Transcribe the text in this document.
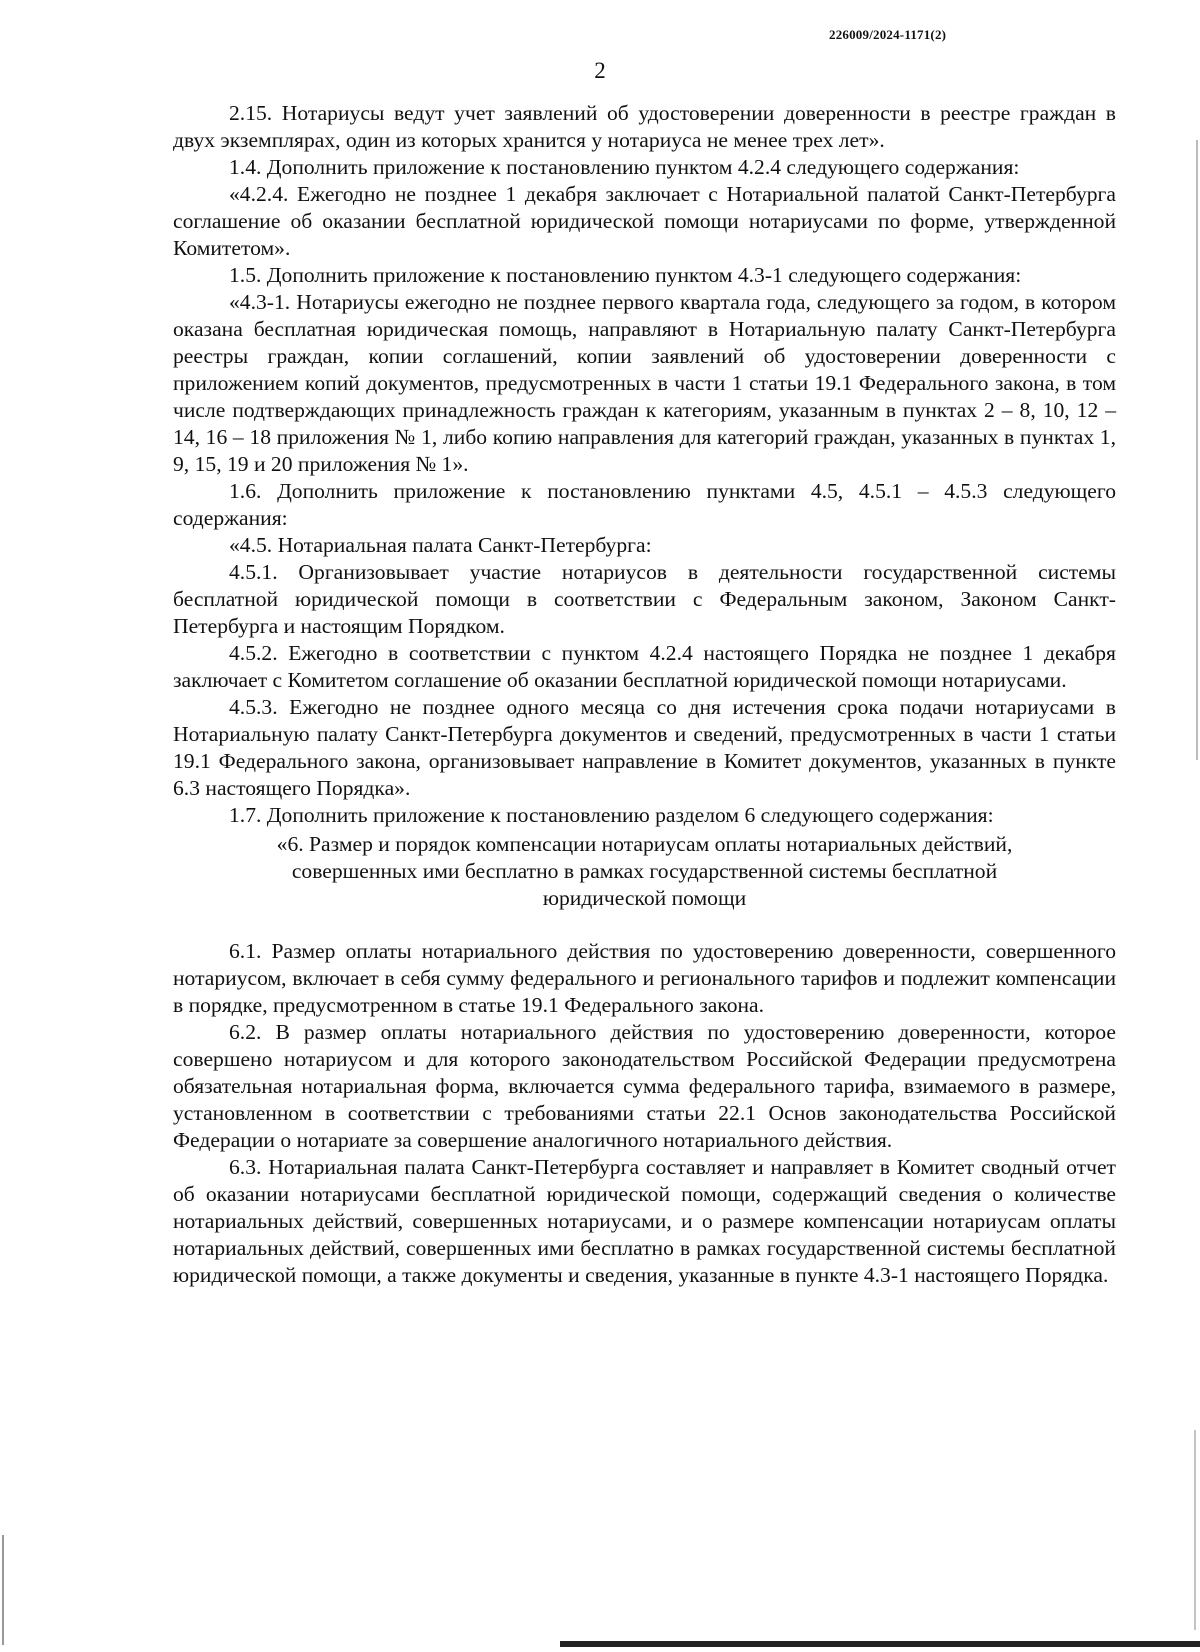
226009/2024-1171(2)
2

2.15. Нотариусы ведут учет заявлений об удостоверении доверенности в реестре граждан в двух экземплярах, один из которых хранится у нотариуса не менее трех лет».

1.4. Дополнить приложение к постановлению пунктом 4.2.4 следующего содержания:

«4.2.4. Ежегодно не позднее 1 декабря заключает с Нотариальной палатой Санкт-Петербурга соглашение об оказании бесплатной юридической помощи нотариусами по форме, утвержденной Комитетом».

1.5. Дополнить приложение к постановлению пунктом 4.3-1 следующего содержания:

«4.3-1. Нотариусы ежегодно не позднее первого квартала года, следующего за годом, в котором оказана бесплатная юридическая помощь, направляют в Нотариальную палату Санкт-Петербурга реестры граждан, копии соглашений, копии заявлений об удостоверении доверенности с приложением копий документов, предусмотренных в части 1 статьи 19.1 Федерального закона, в том числе подтверждающих принадлежность граждан к категориям, указанным в пунктах 2 – 8, 10, 12 – 14, 16 – 18 приложения № 1, либо копию направления для категорий граждан, указанных в пунктах 1, 9, 15, 19 и 20 приложения № 1».

1.6. Дополнить приложение к постановлению пунктами 4.5, 4.5.1 – 4.5.3 следующего содержания:

«4.5. Нотариальная палата Санкт-Петербурга:

4.5.1. Организовывает участие нотариусов в деятельности государственной системы бесплатной юридической помощи в соответствии с Федеральным законом, Законом Санкт-Петербурга и настоящим Порядком.

4.5.2. Ежегодно в соответствии с пунктом 4.2.4 настоящего Порядка не позднее 1 декабря заключает с Комитетом соглашение об оказании бесплатной юридической помощи нотариусами.

4.5.3. Ежегодно не позднее одного месяца со дня истечения срока подачи нотариусами в Нотариальную палату Санкт-Петербурга документов и сведений, предусмотренных в части 1 статьи 19.1 Федерального закона, организовывает направление в Комитет документов, указанных в пункте 6.3 настоящего Порядка».

1.7. Дополнить приложение к постановлению разделом 6 следующего содержания:

«6. Размер и порядок компенсации нотариусам оплаты нотариальных действий,
совершенных ими бесплатно в рамках государственной системы бесплатной
юридической помощи

6.1. Размер оплаты нотариального действия по удостоверению доверенности, совершенного нотариусом, включает в себя сумму федерального и регионального тарифов и подлежит компенсации в порядке, предусмотренном в статье 19.1 Федерального закона.

6.2. В размер оплаты нотариального действия по удостоверению доверенности, которое совершено нотариусом и для которого законодательством Российской Федерации предусмотрена обязательная нотариальная форма, включается сумма федерального тарифа, взимаемого в размере, установленном в соответствии с требованиями статьи 22.1 Основ законодательства Российской Федерации о нотариате за совершение аналогичного нотариального действия.

6.3. Нотариальная палата Санкт-Петербурга составляет и направляет в Комитет сводный отчет об оказании нотариусами бесплатной юридической помощи, содержащий сведения о количестве нотариальных действий, совершенных нотариусами, и о размере компенсации нотариусам оплаты нотариальных действий, совершенных ими бесплатно в рамках государственной системы бесплатной юридической помощи, а также документы и сведения, указанные в пункте 4.3-1 настоящего Порядка.
